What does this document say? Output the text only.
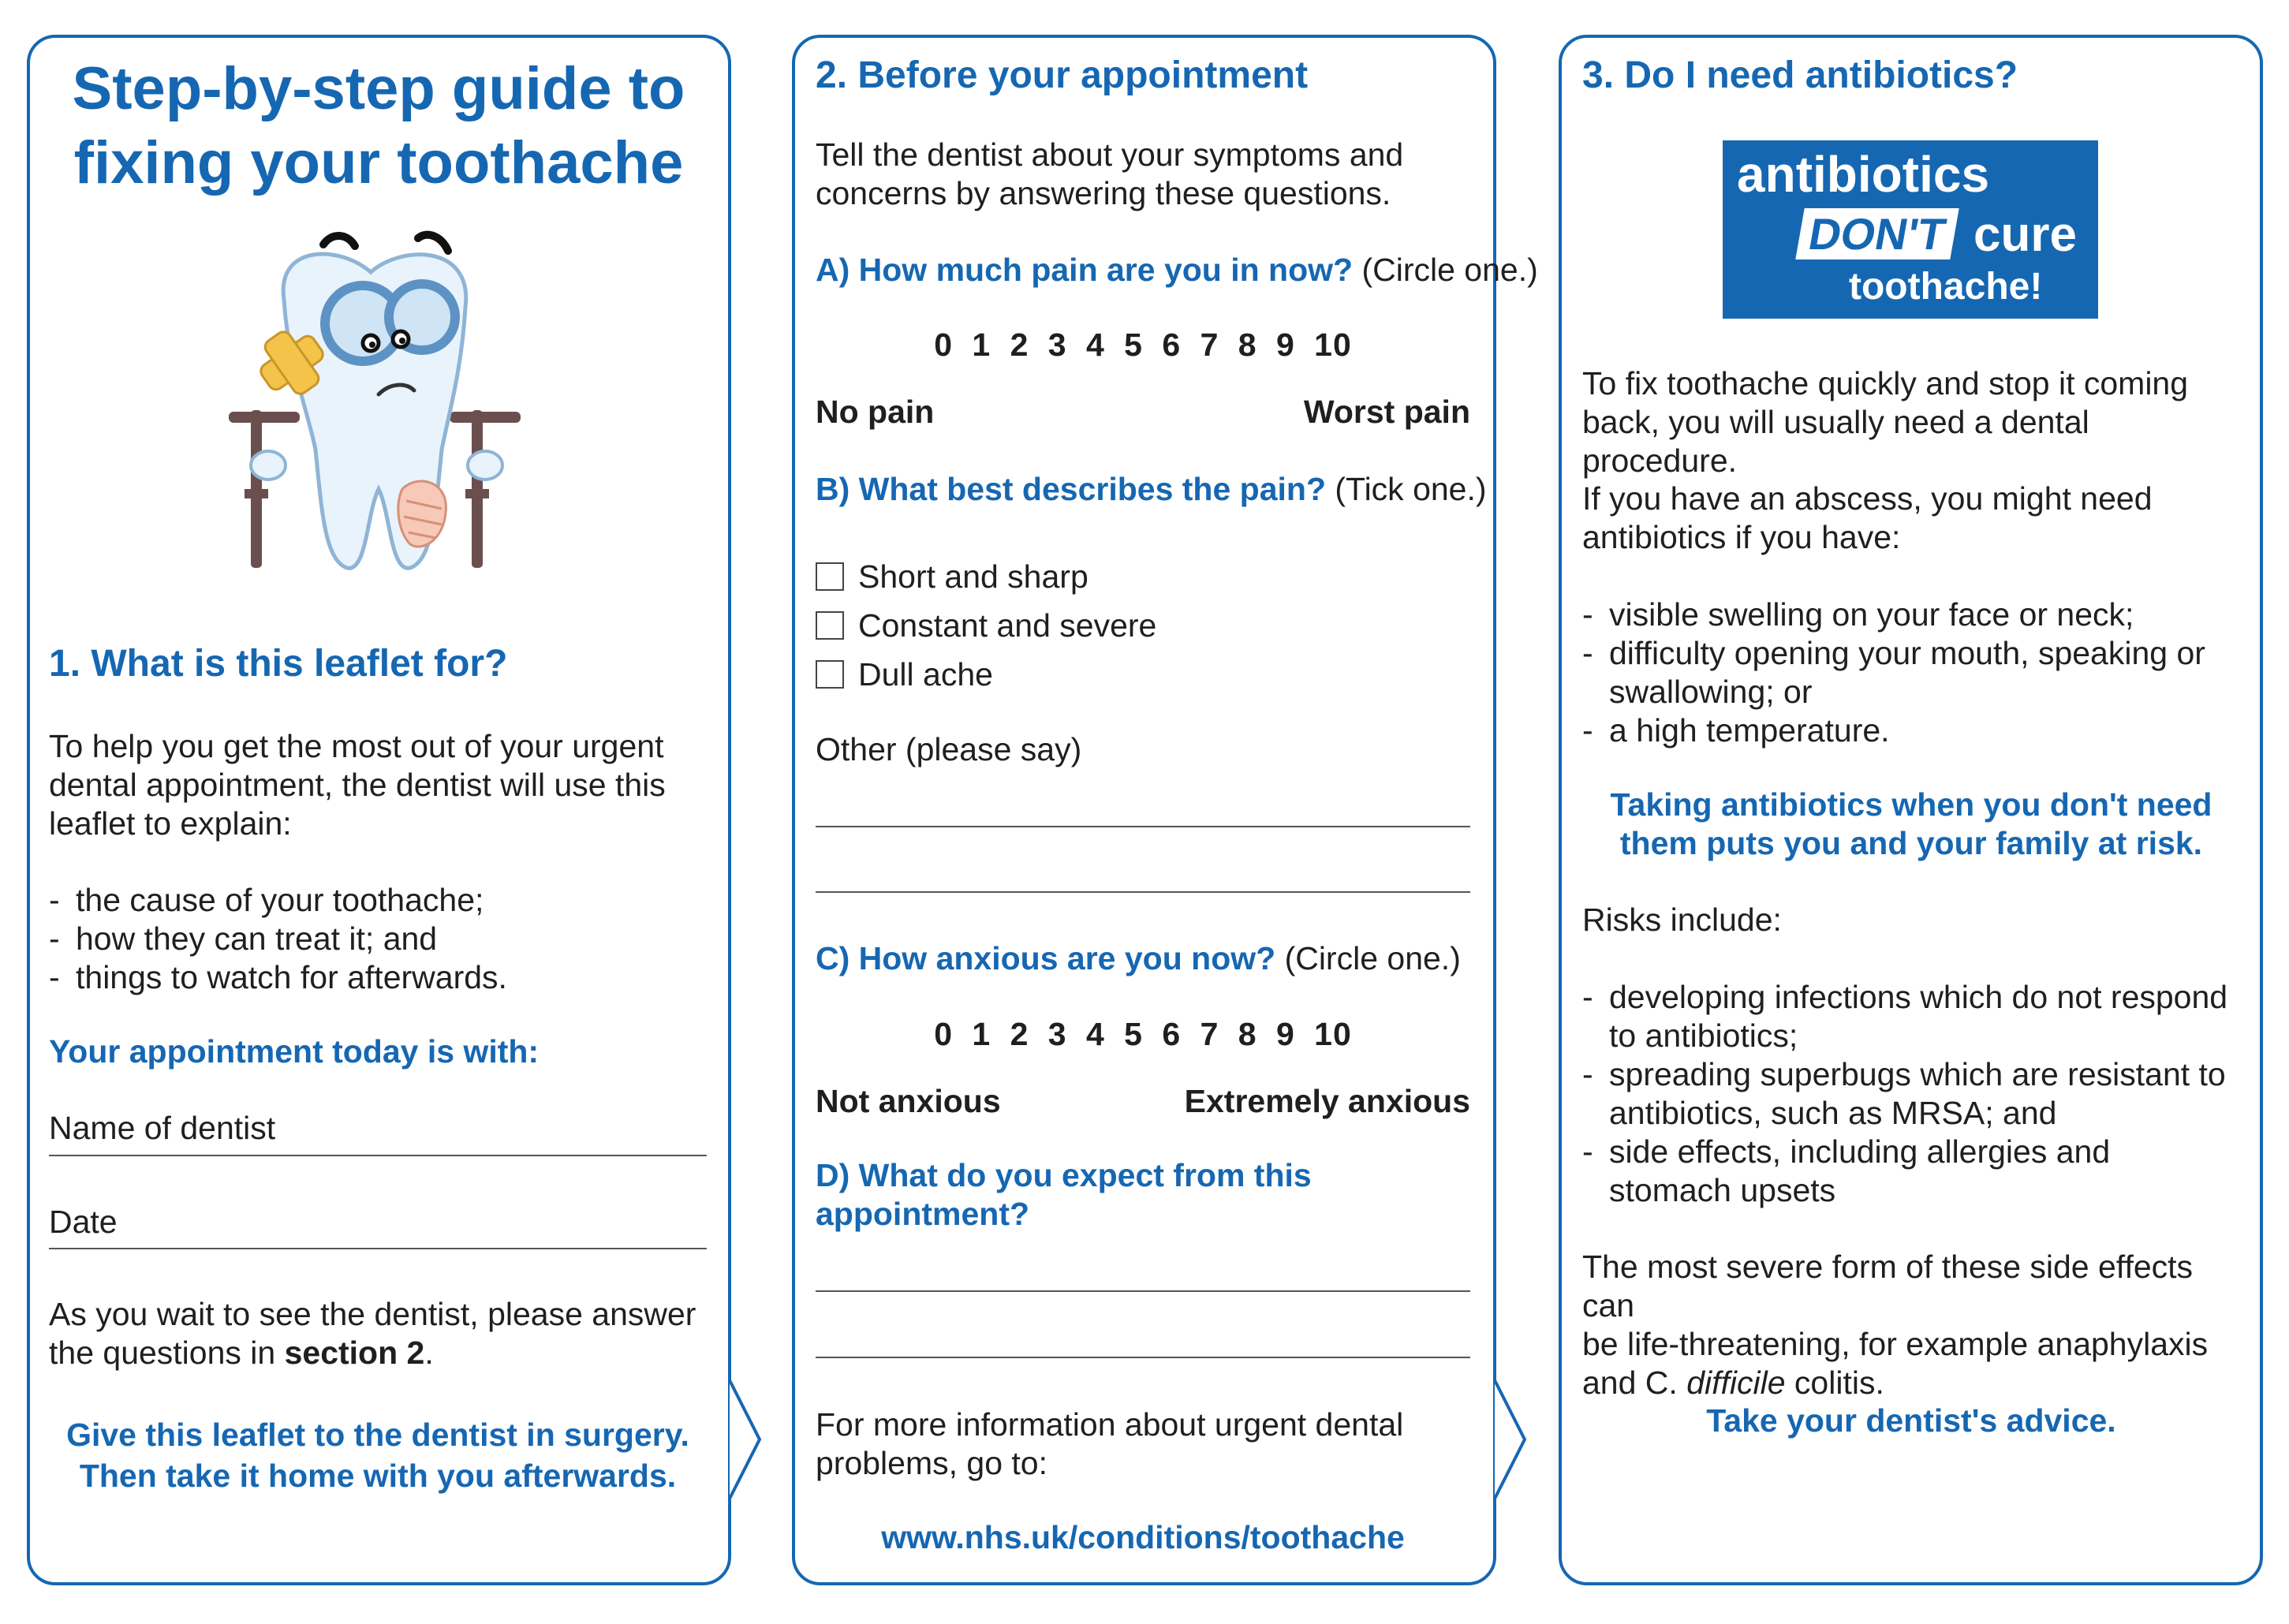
Step-by-step guide to
fixing your toothache
1. What is this leaflet for?
To help you get the most out of your urgent
dental appointment, the dentist will use this
leaflet to explain:
- the cause of your toothache;
- how they can treat it; and
- things to watch for afterwards.
Your appointment today is with:
Name of dentist
Date
As you wait to see the dentist, please answer
the questions in section 2.
Give this leaflet to the dentist in surgery.
Then take it home with you afterwards.
2. Before your appointment
Tell the dentist about your symptoms and
concerns by answering these questions.
A) How much pain are you in now? (Circle one.)
0 1 2 3 4 5 6 7 8 9 10
No pain	Worst pain
B) What best describes the pain? (Tick one.)
Short and sharp
Constant and severe
Dull ache
Other (please say)
C) How anxious are you now? (Circle one.)
0 1 2 3 4 5 6 7 8 9 10
Not anxious	Extremely anxious
D) What do you expect from this
appointment?
For more information about urgent dental
problems, go to:
www.nhs.uk/conditions/toothache
3. Do I need antibiotics?
antibiotics
DON'T cure
toothache!
To fix toothache quickly and stop it coming
back, you will usually need a dental procedure.
If you have an abscess, you might need
antibiotics if you have:
- visible swelling on your face or neck;
- difficulty opening your mouth, speaking or
swallowing; or
- a high temperature.
Taking antibiotics when you don't need
them puts you and your family at risk.
Risks include:
- developing infections which do not respond
to antibiotics;
- spreading superbugs which are resistant to
antibiotics, such as MRSA; and
- side effects, including allergies and
stomach upsets
The most severe form of these side effects can
be life-threatening, for example anaphylaxis
and C. difficile colitis.
Take your dentist's advice.
